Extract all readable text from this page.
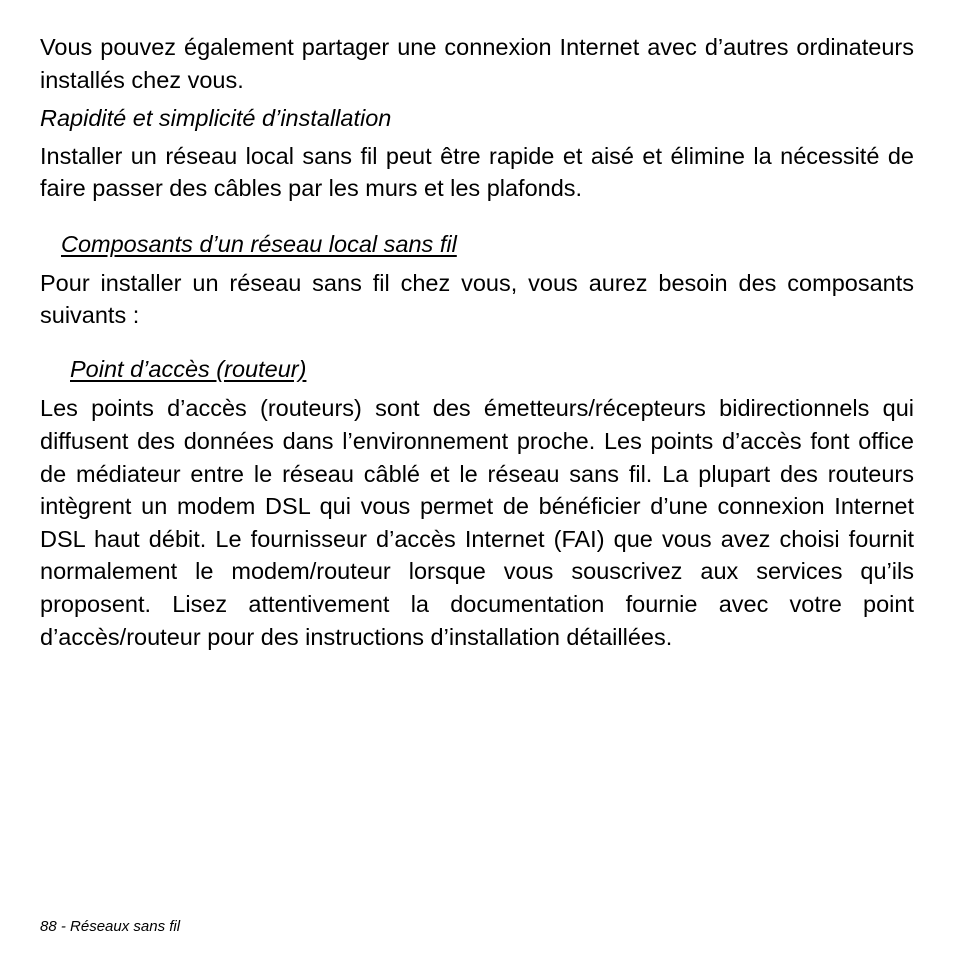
Vous pouvez également partager une connexion Internet avec d’autres ordinateurs installés chez vous.

Rapidité et simplicité d’installation

Installer un réseau local sans fil peut être rapide et aisé et élimine la nécessité de faire passer des câbles par les murs et les plafonds.

Composants d’un réseau local sans fil

Pour installer un réseau sans fil chez vous, vous aurez besoin des composants suivants :

Point d’accès (routeur)

Les points d’accès (routeurs) sont des émetteurs/récepteurs bidirectionnels qui diffusent des données dans l’environnement proche. Les points d’accès font office de médiateur entre le réseau câblé et le réseau sans fil. La plupart des routeurs intègrent un modem DSL qui vous permet de bénéficier d’une connexion Internet DSL haut débit. Le fournisseur d’accès Internet (FAI) que vous avez choisi fournit normalement le modem/routeur lorsque vous souscrivez aux services qu’ils proposent. Lisez attentivement la documentation fournie avec votre point d’accès/routeur pour des instructions d’installation détaillées.

88 - Réseaux sans fil
